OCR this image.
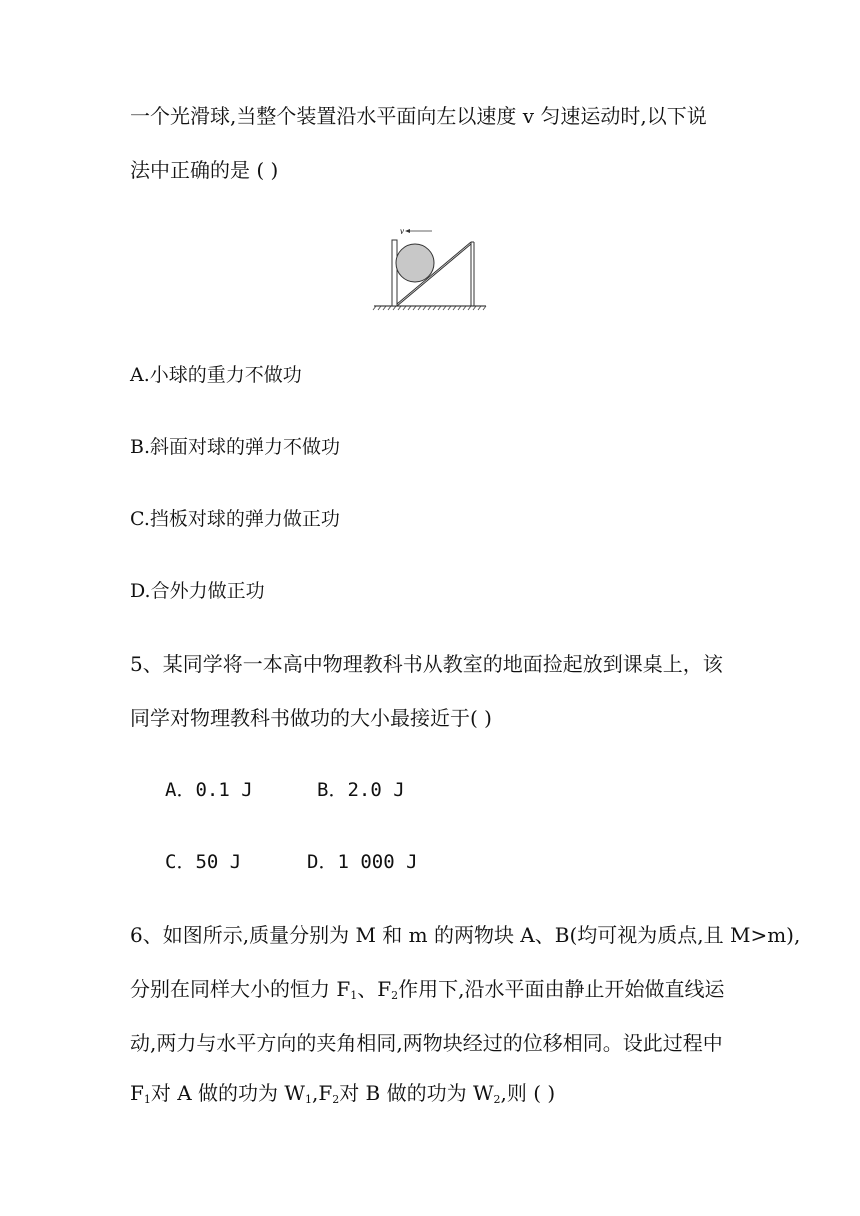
一个光滑球,当整个装置沿水平面向左以速度 v 匀速运动时,以下说
法中正确的是 ( )
v
A.小球的重力不做功
B.斜面对球的弹力不做功
C.挡板对球的弹力做正功
D.合外力做正功
5、某同学将一本高中物理教科书从教室的地面捡起放到课桌上，该
同学对物理教科书做功的大小最接近于( )
A．0.1 J	B．2.0 J
C．50 J	D．1 000 J
6、如图所示,质量分别为 M 和 m 的两物块 A、B(均可视为质点,且 M>m),
分别在同样大小的恒力 $F_1$、$F_2$作用下,沿水平面由静止开始做直线运
动,两力与水平方向的夹角相同,两物块经过的位移相同。设此过程中
$F_1$对 A 做的功为 $W_1,F_2$对 B 做的功为 $W_2$,则 ( )
